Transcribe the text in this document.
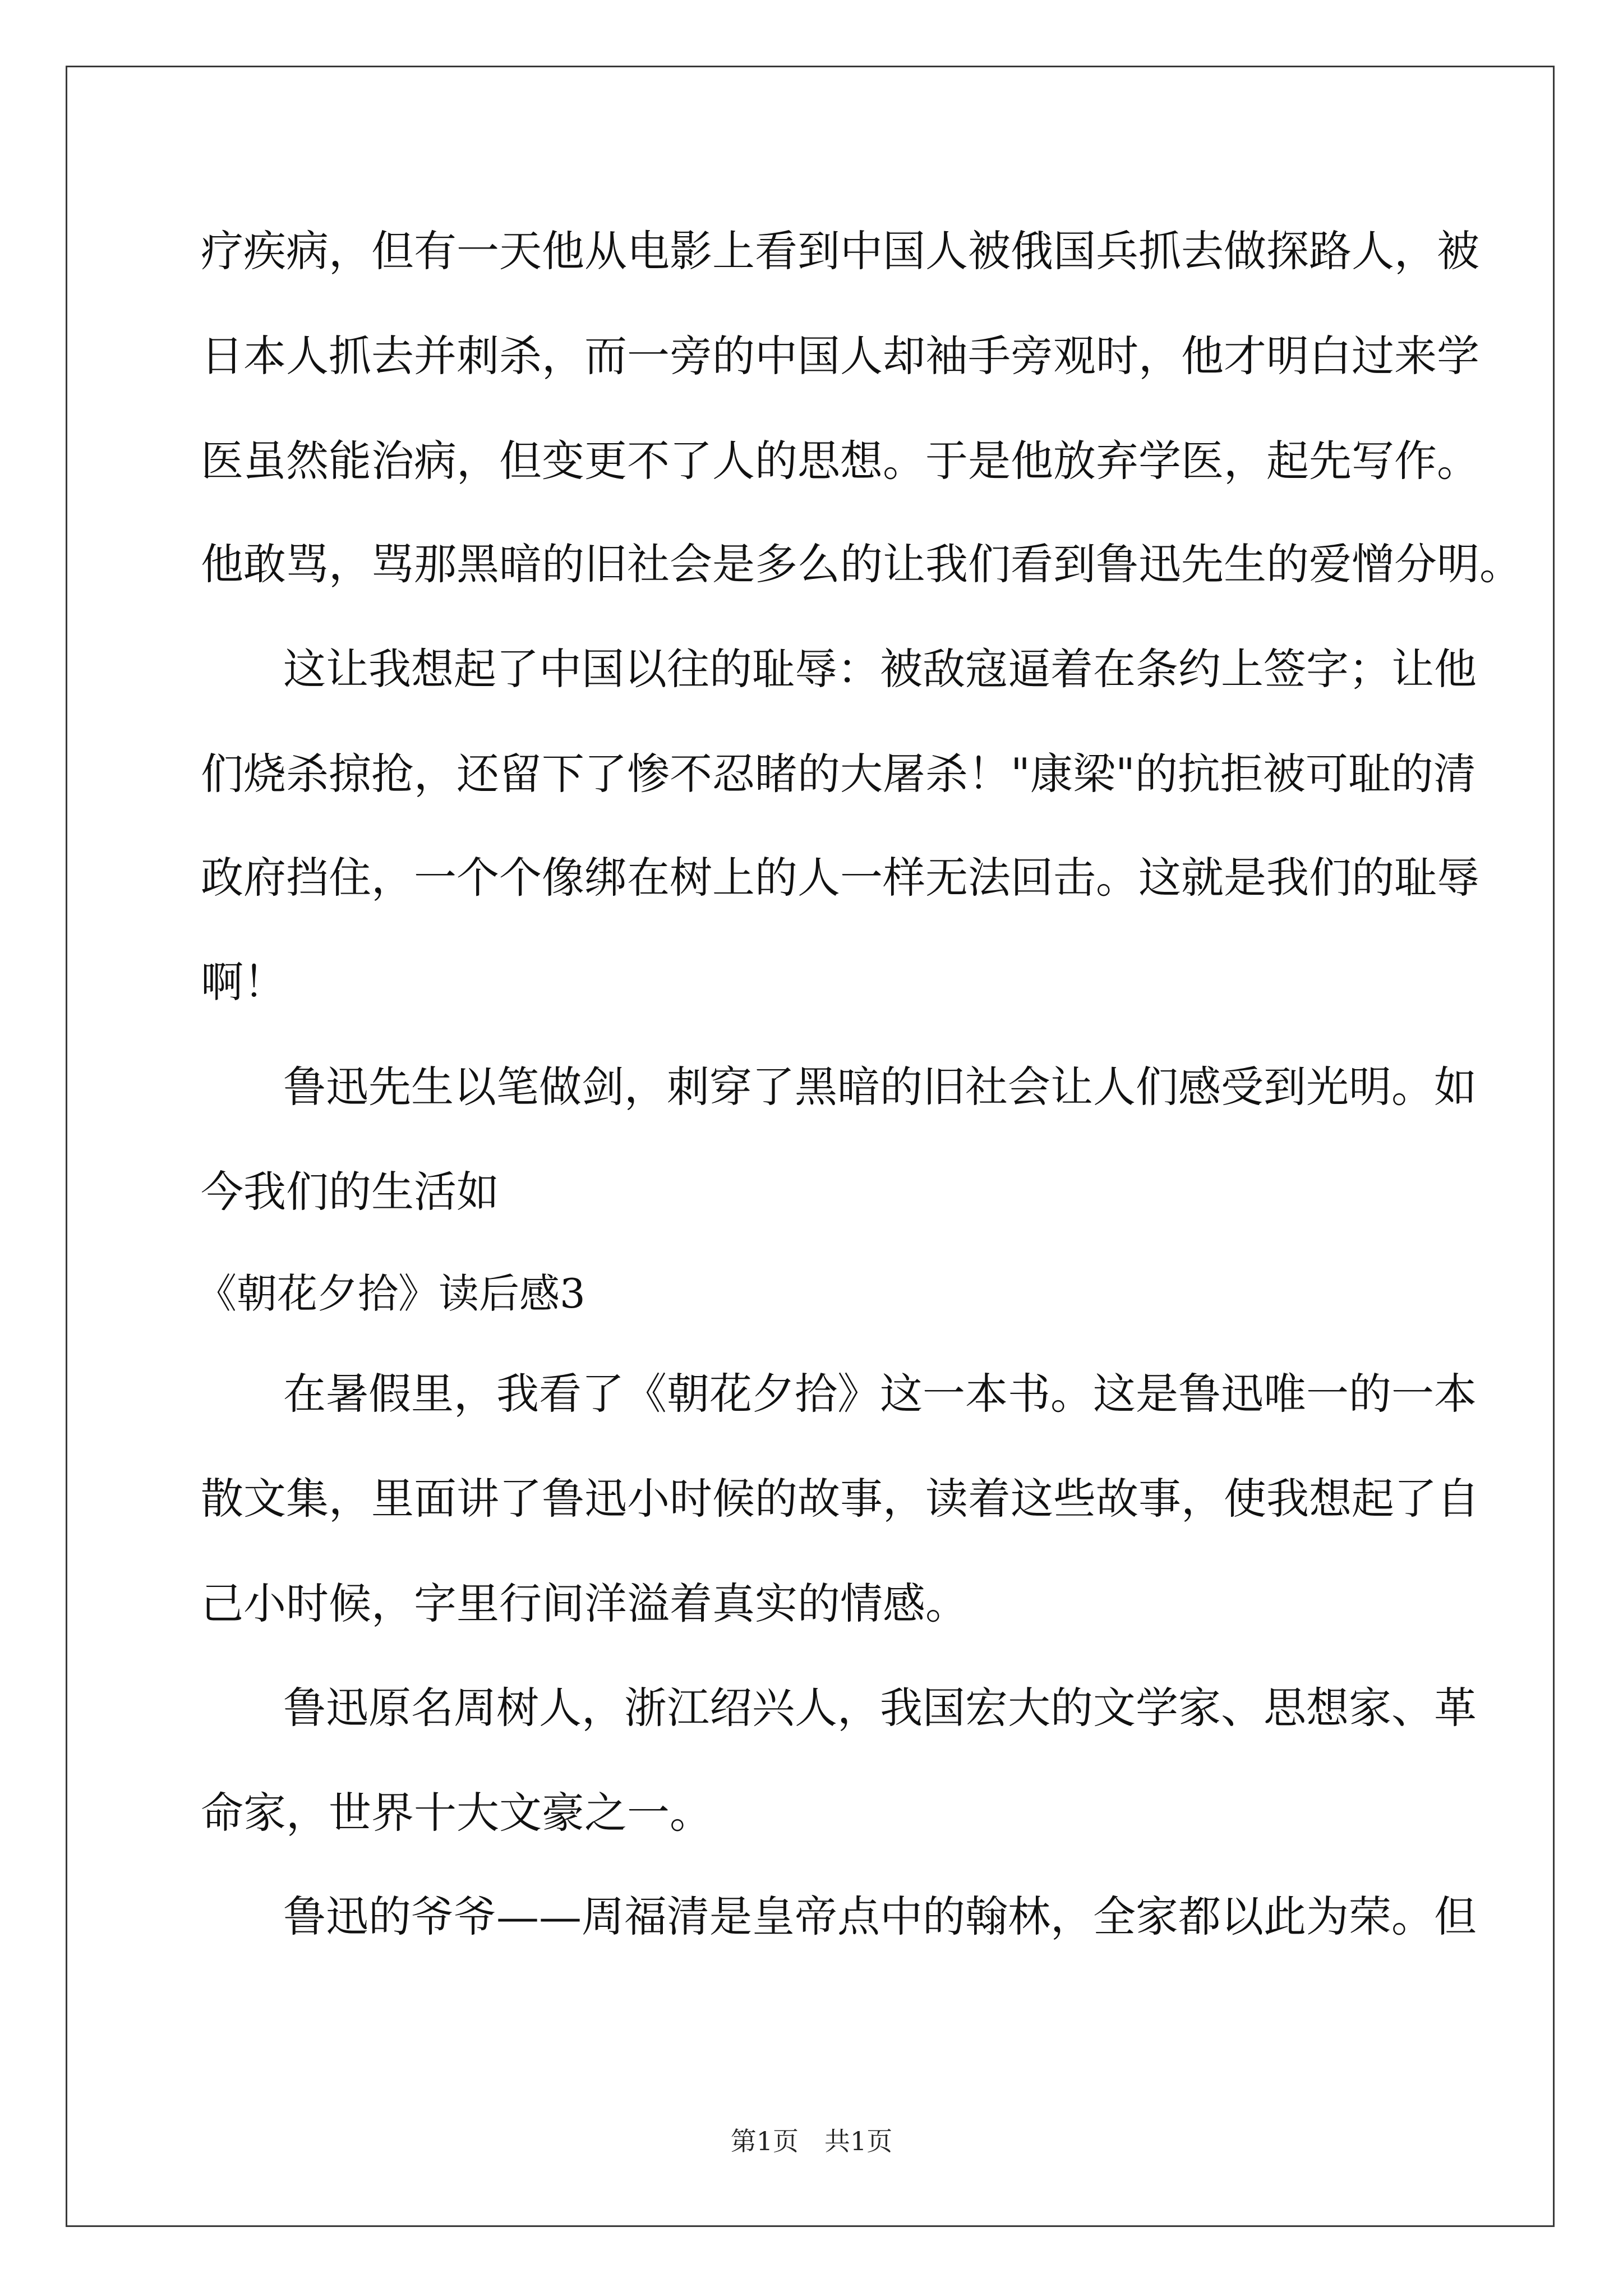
疗疾病，但有一天他从电影上看到中国人被俄国兵抓去做探路人，被
日本人抓去并刺杀，而一旁的中国人却袖手旁观时，他才明白过来学
医虽然能治病，但变更不了人的思想。于是他放弃学医，起先写作。
他敢骂，骂那黑暗的旧社会是多么的让我们看到鲁迅先生的爱憎分明。
这让我想起了中国以往的耻辱：被敌寇逼着在条约上签字；让他
们烧杀掠抢，还留下了惨不忍睹的大屠杀！"康梁"的抗拒被可耻的清
政府挡住，一个个像绑在树上的人一样无法回击。这就是我们的耻辱
啊！
鲁迅先生以笔做剑，刺穿了黑暗的旧社会让人们感受到光明。如
今我们的生活如
《朝花夕拾》读后感3
在暑假里，我看了《朝花夕拾》这一本书。这是鲁迅唯一的一本
散文集，里面讲了鲁迅小时候的故事，读着这些故事，使我想起了自
己小时候，字里行间洋溢着真实的情感。
鲁迅原名周树人，浙江绍兴人，我国宏大的文学家、思想家、革
命家，世界十大文豪之一。
鲁迅的爷爷——周福清是皇帝点中的翰林，全家都以此为荣。但
第1页　共1页
